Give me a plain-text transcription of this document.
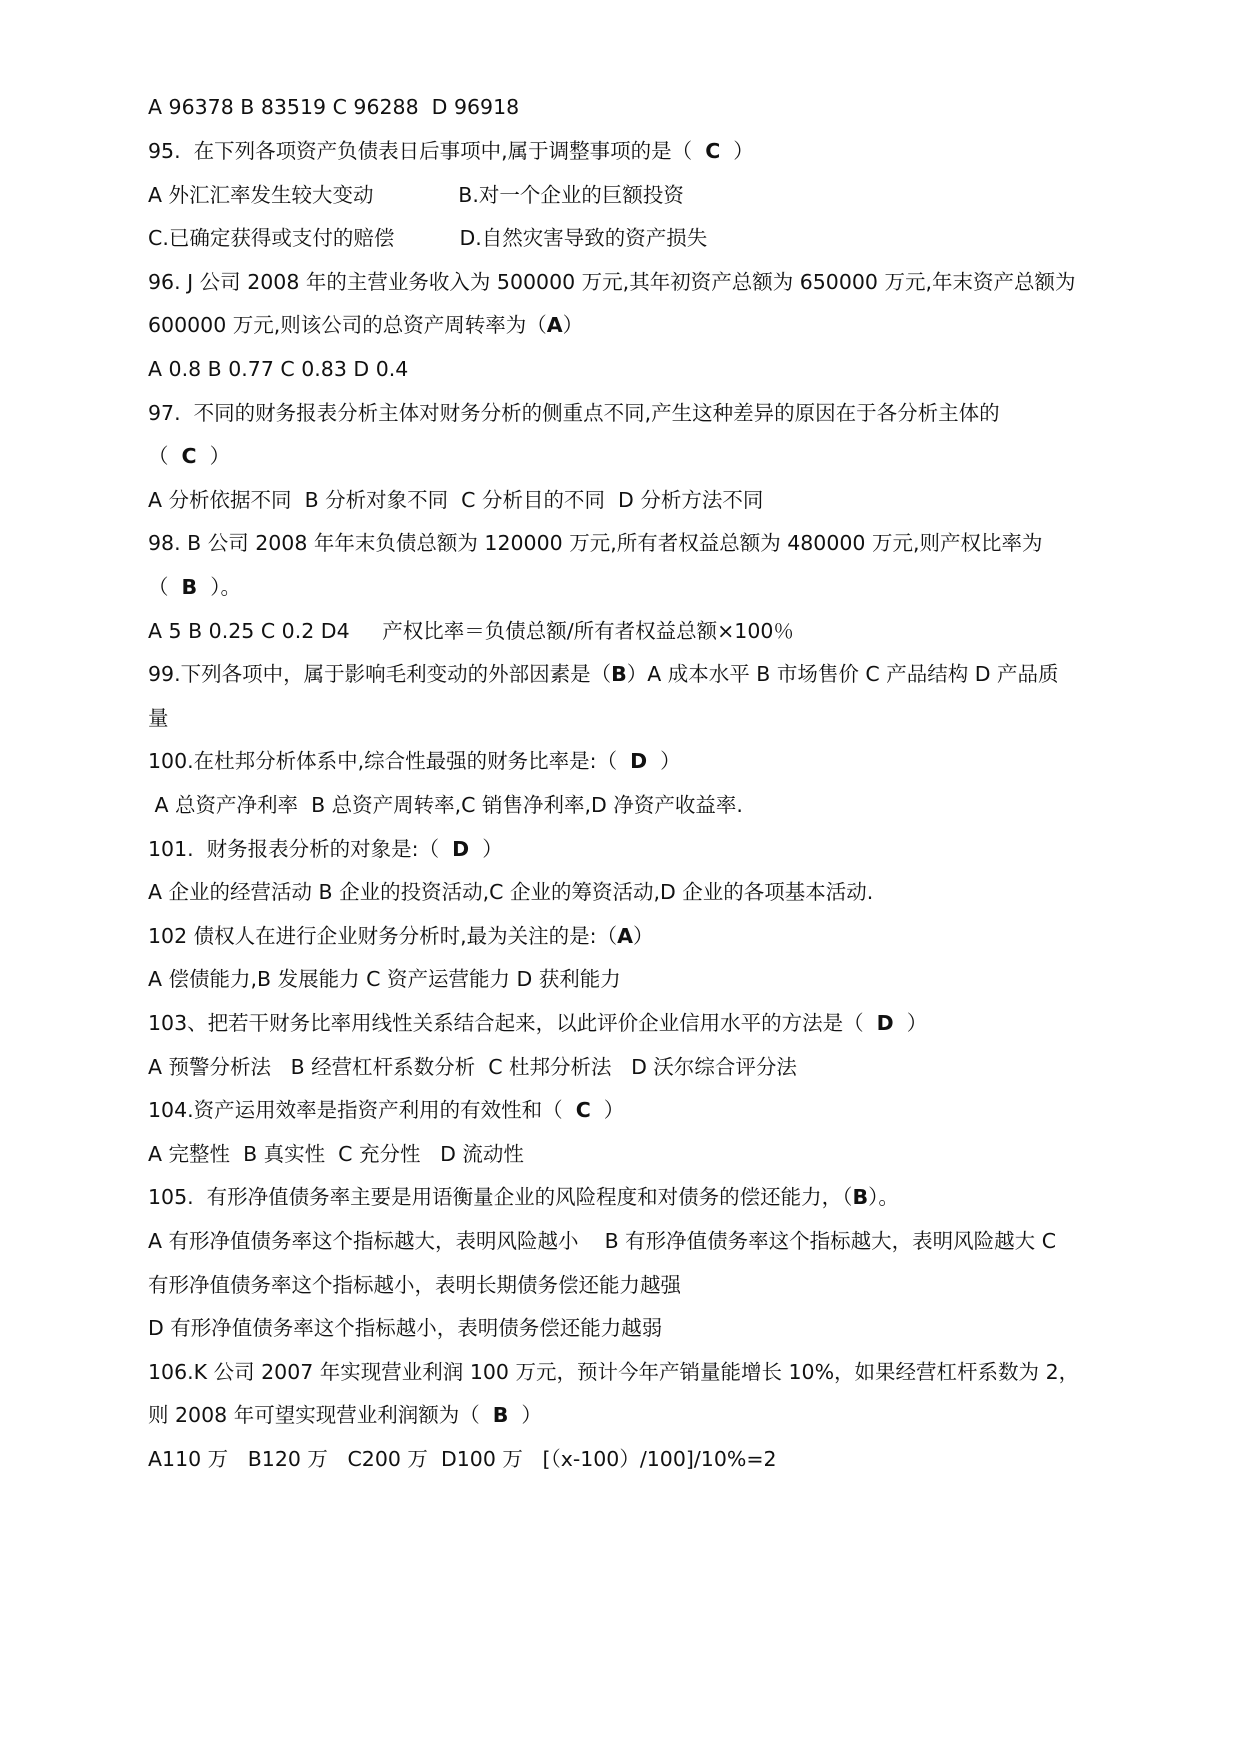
A 96378 B 83519 C 96288  D 96918
95.  在下列各项资产负债表日后事项中,属于调整事项的是（  C  ）
A 外汇汇率发生较大变动             B.对一个企业的巨额投资
C.已确定获得或支付的赔偿          D.自然灾害导致的资产损失
96. J 公司 2008 年的主营业务收入为 500000 万元,其年初资产总额为 650000 万元,年末资产总额为
600000 万元,则该公司的总资产周转率为（A）
A 0.8 B 0.77 C 0.83 D 0.4
97.  不同的财务报表分析主体对财务分析的侧重点不同,产生这种差异的原因在于各分析主体的
（  C  ）
A 分析依据不同  B 分析对象不同  C 分析目的不同  D 分析方法不同
98. B 公司 2008 年年末负债总额为 120000 万元,所有者权益总额为 480000 万元,则产权比率为
（  B  ）。
A 5 B 0.25 C 0.2 D4     产权比率＝负债总额/所有者权益总额×100％
99.下列各项中，属于影响毛利变动的外部因素是（B）A 成本水平 B 市场售价 C 产品结构 D 产品质
量
100.在杜邦分析体系中,综合性最强的财务比率是:（  D  ）
A 总资产净利率  B 总资产周转率,C 销售净利率,D 净资产收益率.
101.  财务报表分析的对象是:（  D  ）
A 企业的经营活动 B 企业的投资活动,C 企业的筹资活动,D 企业的各项基本活动.
102 债权人在进行企业财务分析时,最为关注的是:（A）
A 偿债能力,B 发展能力 C 资产运营能力 D 获利能力
103、把若干财务比率用线性关系结合起来，以此评价企业信用水平的方法是（  D  ）
A 预警分析法   B 经营杠杆系数分析  C 杜邦分析法   D 沃尔综合评分法
104.资产运用效率是指资产利用的有效性和（  C  ）
A 完整性  B 真实性  C 充分性   D 流动性
105.  有形净值债务率主要是用语衡量企业的风险程度和对债务的偿还能力，（B）。
A 有形净值债务率这个指标越大，表明风险越小    B 有形净值债务率这个指标越大，表明风险越大 C
有形净值债务率这个指标越小，表明长期债务偿还能力越强
D 有形净值债务率这个指标越小，表明债务偿还能力越弱
106.K 公司 2007 年实现营业利润 100 万元，预计今年产销量能增长 10%，如果经营杠杆系数为 2，
则 2008 年可望实现营业利润额为（  B  ）
A110 万   B120 万   C200 万  D100 万   [（x-100）/100]/10%=2
